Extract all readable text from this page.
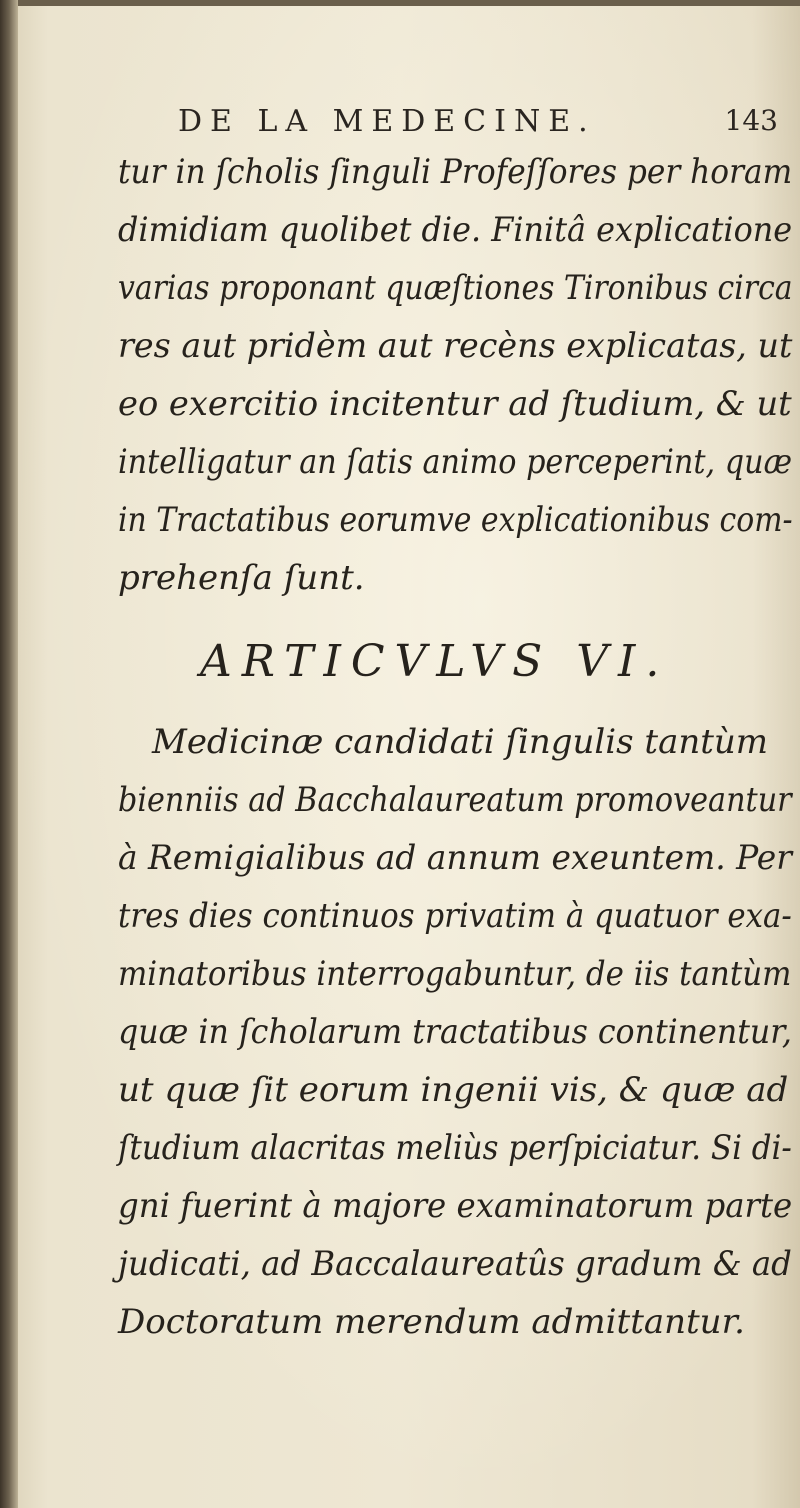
DE LA MEDECINE.	143
tur in ſcholis ſinguli Profeſſores per horam
dimidiam quolibet die. Finitâ explicatione
varias proponant quæſtiones Tironibus circa
res aut pridèm aut recèns explicatas, ut
eo exercitio incitentur ad ſtudium, & ut
intelligatur an ſatis animo perceperint, quæ
in Tractatibus eorumve explicationibus com-
prehenſa ſunt.
ARTICVLVS VI.
Medicinæ candidati ſingulis tantùm
bienniis ad Bacchalaureatum promoveantur
à Remigialibus ad annum exeuntem. Per
tres dies continuos privatim à quatuor exa-
minatoribus interrogabuntur, de iis tantùm
quæ in ſcholarum tractatibus continentur,
ut quæ ſit eorum ingenii vis, & quæ ad
ſtudium alacritas meliùs perſpiciatur. Si di-
gni fuerint à majore examinatorum parte
judicati, ad Baccalaureatûs gradum & ad
Doctoratum merendum admittantur.
